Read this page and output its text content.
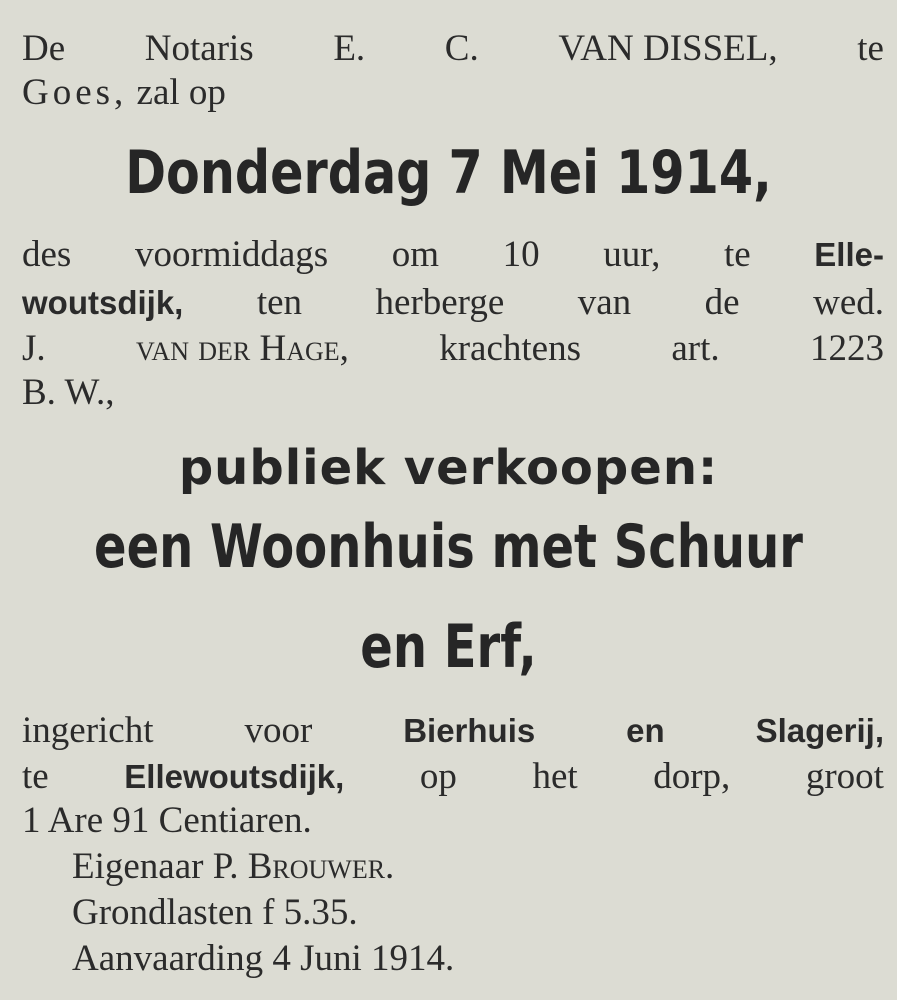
De Notaris E. C. VAN DISSEL, te
Goes, zal op
Donderdag 7 Mei 1914,
des voormiddags om 10 uur, te Elle-
woutsdijk, ten herberge van de wed.
J. van der Hage, krachtens art. 1223
B. W.,
publiek verkoopen:
een Woonhuis met Schuur
en Erf,
ingericht voor	Bierhuis	en	Slagerij,
te Ellewoutsdijk, op het dorp, groot
1 Are 91 Centiaren.
Eigenaar P. Brouwer.
Grondlasten f 5.35.
Aanvaarding 4 Juni 1914.
